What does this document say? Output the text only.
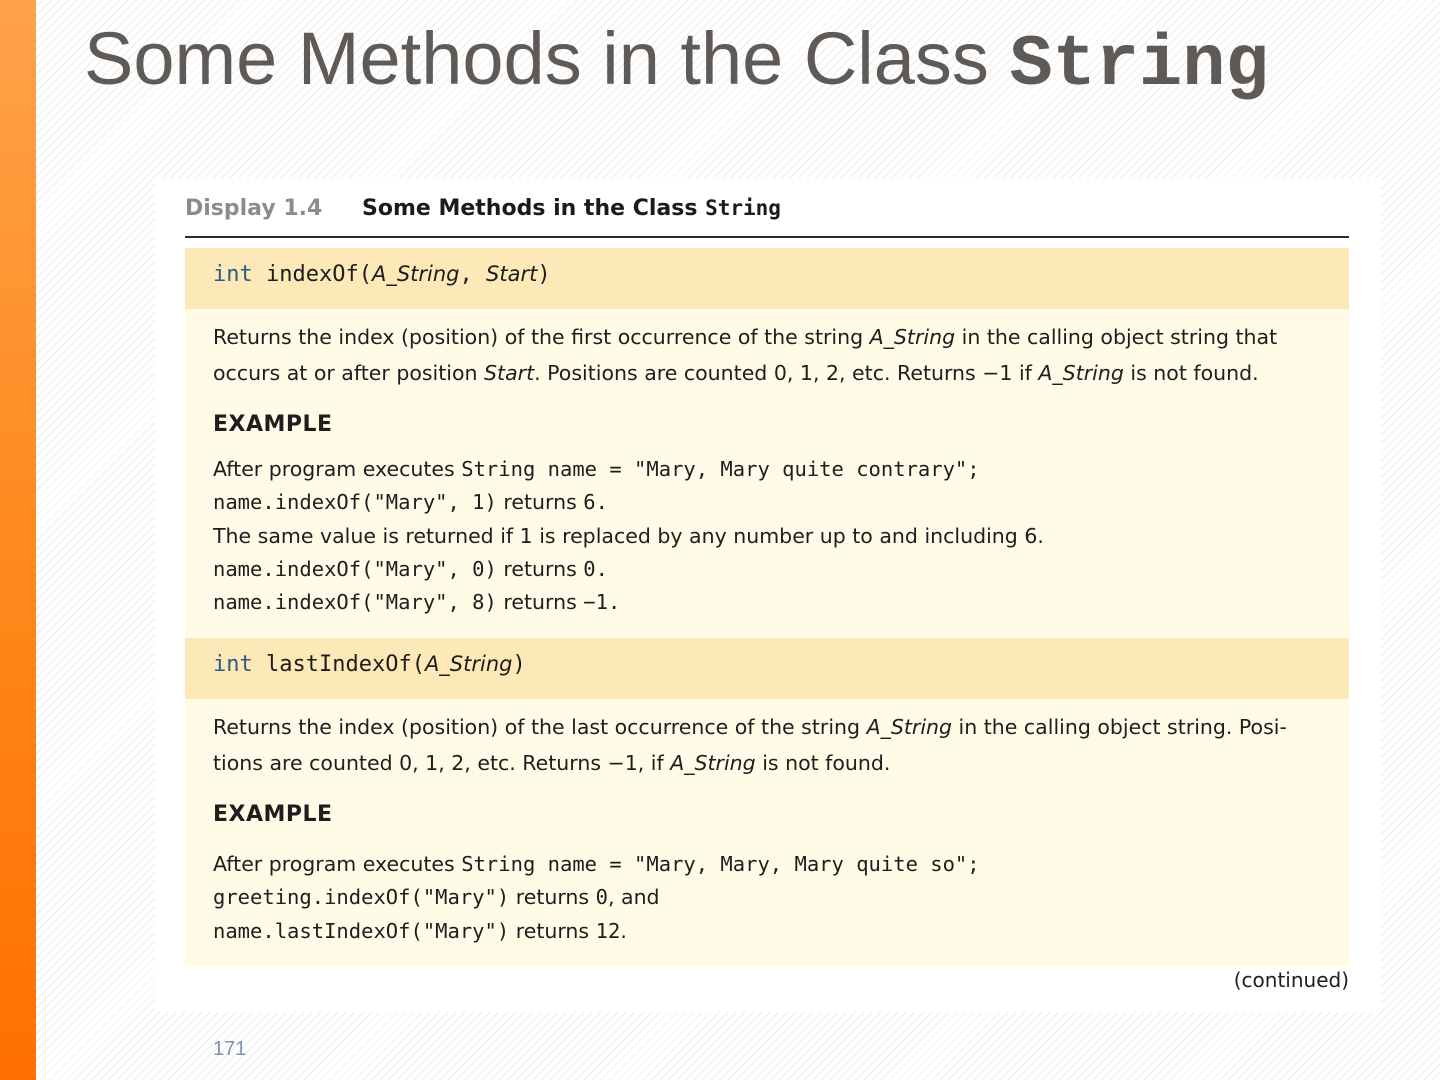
Some Methods in the Class String
Display 1.4 Some Methods in the Class String
int indexOf(A_String, Start)

Returns the index (position) of the first occurrence of the string A_String in the calling object string that occurs at or after position Start. Positions are counted 0, 1, 2, etc. Returns −1 if A_String is not found.

EXAMPLE
After program executes String name = "Mary, Mary quite contrary";
name.indexOf("Mary", 1) returns 6.
The same value is returned if 1 is replaced by any number up to and including 6.
name.indexOf("Mary", 0) returns 0.
name.indexOf("Mary", 8) returns −1.
int lastIndexOf(A_String)

Returns the index (position) of the last occurrence of the string A_String in the calling object string. Posi-tions are counted 0, 1, 2, etc. Returns −1, if A_String is not found.

EXAMPLE
After program executes String name = "Mary, Mary, Mary quite so";
greeting.indexOf("Mary") returns 0, and
name.lastIndexOf("Mary") returns 12.
(continued)
171
